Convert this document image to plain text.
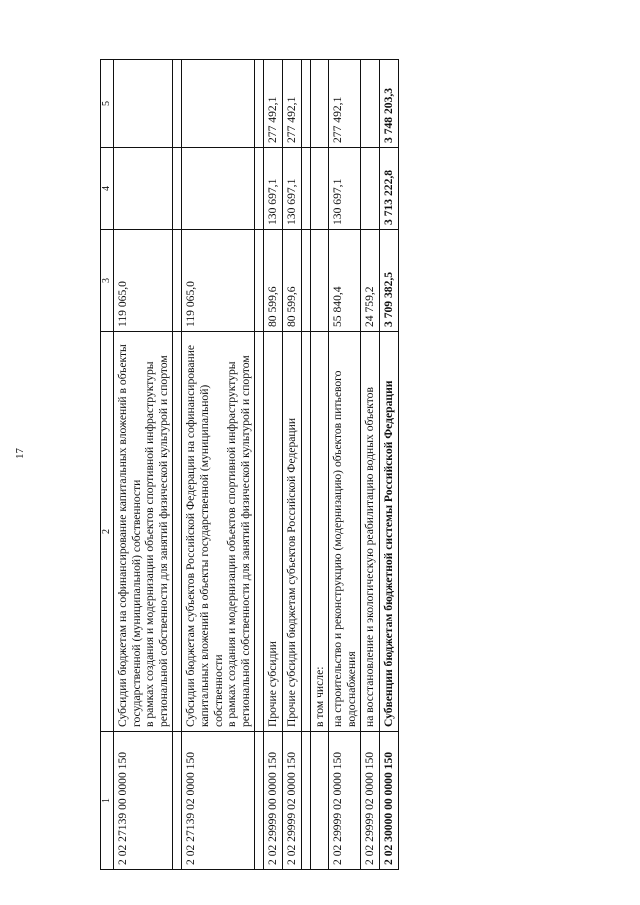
17
1	2	3	4	5
2 02 27139 00 0000 150	Субсидии бюджетам на софинансирование капитальных вложений в объекты государственной (муниципальной) собственности в рамках создания и модернизации объектов спортивной инфраструктуры региональной собственности для занятий физической культурой и спортом	119 065,0		

2 02 27139 02 0000 150	Субсидии бюджетам субъектов Российской Федерации на софинансирование капитальных вложений в объекты государственной (муниципальной) собственности в рамках создания и модернизации объектов спортивной инфраструктуры региональной собственности для занятий физической культурой и спортом	119 065,0		

2 02 29999 00 0000 150	Прочие субсидии	80 599,6	130 697,1	277 492,1
2 02 29999 02 0000 150	Прочие субсидии бюджетам субъектов Российской Федерации	80 599,6	130 697,1	277 492,1

	в том числе:			
2 02 29999 02 0000 150	на строительство и реконструкцию (модернизацию) объектов питьевого водоснабжения	55 840,4	130 697,1	277 492,1
2 02 29999 02 0000 150	на восстановление и экологическую реабилитацию водных объектов	24 759,2		
2 02 30000 00 0000 150	Субвенции бюджетам бюджетной системы Российской Федерации	3 709 382,5	3 713 222,8	3 748 203,3
